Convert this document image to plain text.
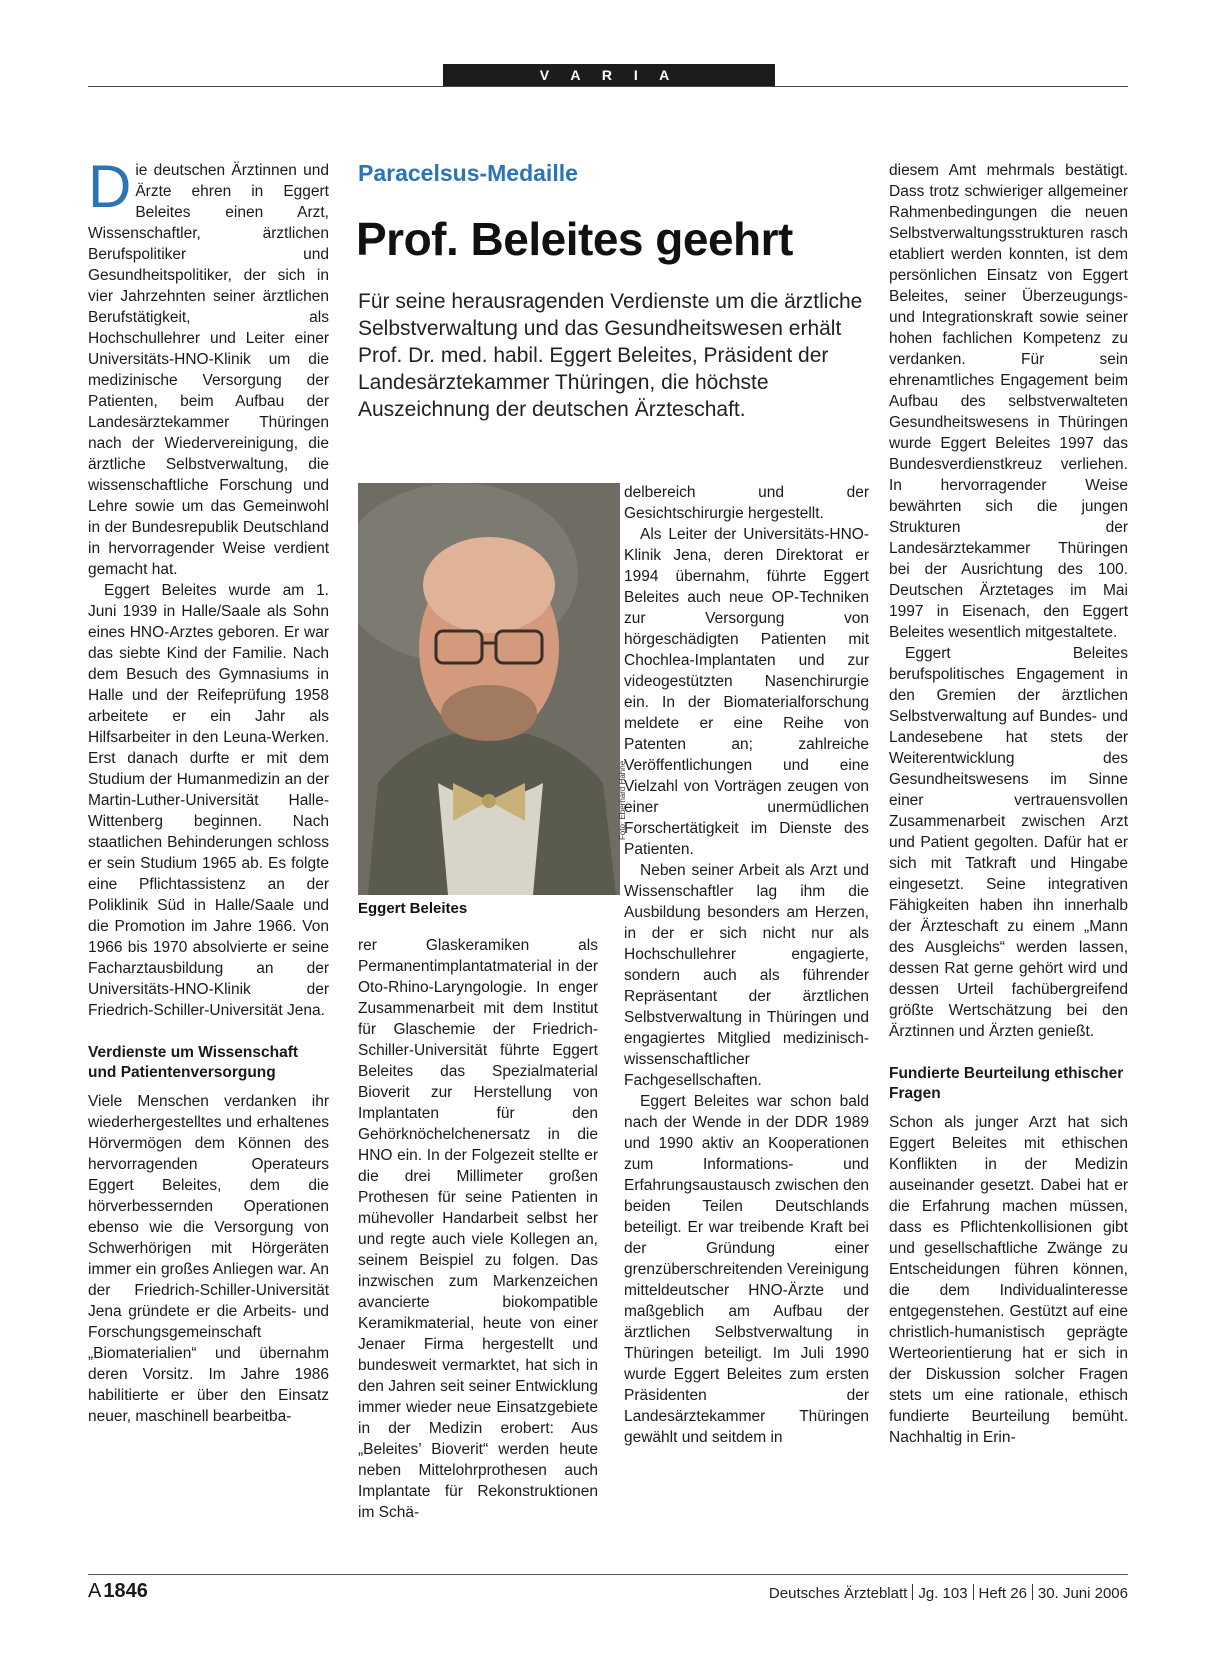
V A R I A
Paracelsus-Medaille
Prof. Beleites geehrt
Für seine herausragenden Verdienste um die ärztliche Selbstverwaltung und das Gesundheitswesen erhält Prof. Dr. med. habil. Eggert Beleites, Präsident der Landesärztekammer Thüringen, die höchste Auszeichnung der deutschen Ärzteschaft.
Foto: Eberhard Hahne
Eggert Beleites

Die deutschen Ärztinnen und Ärzte ehren in Eggert Beleites einen Arzt, Wissenschaftler, ärztlichen Berufspolitiker und Gesundheitspolitiker, der sich in vier Jahrzehnten seiner ärztlichen Berufstätigkeit, als Hochschullehrer und Leiter einer Universitäts-HNO-Klinik um die medizinische Versorgung der Patienten, beim Aufbau der Landesärztekammer Thüringen nach der Wiedervereinigung, die ärztliche Selbstverwaltung, die wissenschaftliche Forschung und Lehre sowie um das Gemeinwohl in der Bundesrepublik Deutschland in hervorragender Weise verdient gemacht hat.

Eggert Beleites wurde am 1. Juni 1939 in Halle/Saale als Sohn eines HNO-Arztes geboren. Er war das siebte Kind der Familie. Nach dem Besuch des Gymnasiums in Halle und der Reifeprüfung 1958 arbeitete er ein Jahr als Hilfsarbeiter in den Leuna-Werken. Erst danach durfte er mit dem Studium der Humanmedizin an der Martin-Luther-Universität Halle-Wittenberg beginnen. Nach staatlichen Behinderungen schloss er sein Studium 1965 ab. Es folgte eine Pflichtassistenz an der Poliklinik Süd in Halle/Saale und die Promotion im Jahre 1966. Von 1966 bis 1970 absolvierte er seine Facharztausbildung an der Universitäts-HNO-Klinik der Friedrich-Schiller-Universität Jena.

Verdienste um Wissenschaft und Patientenversorgung

Viele Menschen verdanken ihr wiederhergestelltes und erhaltenes Hörvermögen dem Können des hervorragenden Operateurs Eggert Beleites, dem die hörverbessernden Operationen ebenso wie die Versorgung von Schwerhörigen mit Hörgeräten immer ein großes Anliegen war. An der Friedrich-Schiller-Universität Jena gründete er die Arbeits- und Forschungsgemeinschaft „Biomaterialien“ und übernahm deren Vorsitz. Im Jahre 1986 habilitierte er über den Einsatz neuer, maschinell bearbeitba-

rer Glaskeramiken als Permanentimplantatmaterial in der Oto-Rhino-Laryngologie. In enger Zusammenarbeit mit dem Institut für Glaschemie der Friedrich-Schiller-Universität führte Eggert Beleites das Spezialmaterial Bioverit zur Herstellung von Implantaten für den Gehörknöchelchenersatz in die HNO ein. In der Folgezeit stellte er die drei Millimeter großen Prothesen für seine Patienten in mühevoller Handarbeit selbst her und regte auch viele Kollegen an, seinem Beispiel zu folgen. Das inzwischen zum Markenzeichen avancierte biokompatible Keramikmaterial, heute von einer Jenaer Firma hergestellt und bundesweit vermarktet, hat sich in den Jahren seit seiner Entwicklung immer wieder neue Einsatzgebiete in der Medizin erobert: Aus „Beleites’ Bioverit“ werden heute neben Mittelohrprothesen auch Implantate für Rekonstruktionen im Schä-

delbereich und der Gesichtschirurgie hergestellt.

Als Leiter der Universitäts-HNO-Klinik Jena, deren Direktorat er 1994 übernahm, führte Eggert Beleites auch neue OP-Techniken zur Versorgung von hörgeschädigten Patienten mit Chochlea-Implantaten und zur videogestützten Nasenchirurgie ein. In der Biomaterialforschung meldete er eine Reihe von Patenten an; zahlreiche Veröffentlichungen und eine Vielzahl von Vorträgen zeugen von einer unermüdlichen Forschertätigkeit im Dienste des Patienten.

Neben seiner Arbeit als Arzt und Wissenschaftler lag ihm die Ausbildung besonders am Herzen, in der er sich nicht nur als Hochschullehrer engagierte, sondern auch als führender Repräsentant der ärztlichen Selbstverwaltung in Thüringen und engagiertes Mitglied medizinisch-wissenschaftlicher Fachgesellschaften.

Eggert Beleites war schon bald nach der Wende in der DDR 1989 und 1990 aktiv an Kooperationen zum Informations- und Erfahrungsaustausch zwischen den beiden Teilen Deutschlands beteiligt. Er war treibende Kraft bei der Gründung einer grenzüberschreitenden Vereinigung mitteldeutscher HNO-Ärzte und maßgeblich am Aufbau der ärztlichen Selbstverwaltung in Thüringen beteiligt. Im Juli 1990 wurde Eggert Beleites zum ersten Präsidenten der Landesärztekammer Thüringen gewählt und seitdem in

diesem Amt mehrmals bestätigt. Dass trotz schwieriger allgemeiner Rahmenbedingungen die neuen Selbstverwaltungsstrukturen rasch etabliert werden konnten, ist dem persönlichen Einsatz von Eggert Beleites, seiner Überzeugungs- und Integrationskraft sowie seiner hohen fachlichen Kompetenz zu verdanken. Für sein ehrenamtliches Engagement beim Aufbau des selbstverwalteten Gesundheitswesens in Thüringen wurde Eggert Beleites 1997 das Bundesverdienstkreuz verliehen. In hervorragender Weise bewährten sich die jungen Strukturen der Landesärztekammer Thüringen bei der Ausrichtung des 100. Deutschen Ärztetages im Mai 1997 in Eisenach, den Eggert Beleites wesentlich mitgestaltete.

Eggert Beleites berufspolitisches Engagement in den Gremien der ärztlichen Selbstverwaltung auf Bundes- und Landesebene hat stets der Weiterentwicklung des Gesundheitswesens im Sinne einer vertrauensvollen Zusammenarbeit zwischen Arzt und Patient gegolten. Dafür hat er sich mit Tatkraft und Hingabe eingesetzt. Seine integrativen Fähigkeiten haben ihn innerhalb der Ärzteschaft zu einem „Mann des Ausgleichs“ werden lassen, dessen Rat gerne gehört wird und dessen Urteil fachübergreifend größte Wertschätzung bei den Ärztinnen und Ärzten genießt.

Fundierte Beurteilung ethischer Fragen

Schon als junger Arzt hat sich Eggert Beleites mit ethischen Konflikten in der Medizin auseinander gesetzt. Dabei hat er die Erfahrung machen müssen, dass es Pflichtenkollisionen gibt und gesellschaftliche Zwänge zu Entscheidungen führen können, die dem Individualinteresse entgegenstehen. Gestützt auf eine christlich-humanistisch geprägte Werteorientierung hat er sich in der Diskussion solcher Fragen stets um eine rationale, ethisch fundierte Beurteilung bemüht. Nachhaltig in Erin-

A 1846	Deutsches Ärzteblatt Jg. 103 Heft 26 30. Juni 2006
